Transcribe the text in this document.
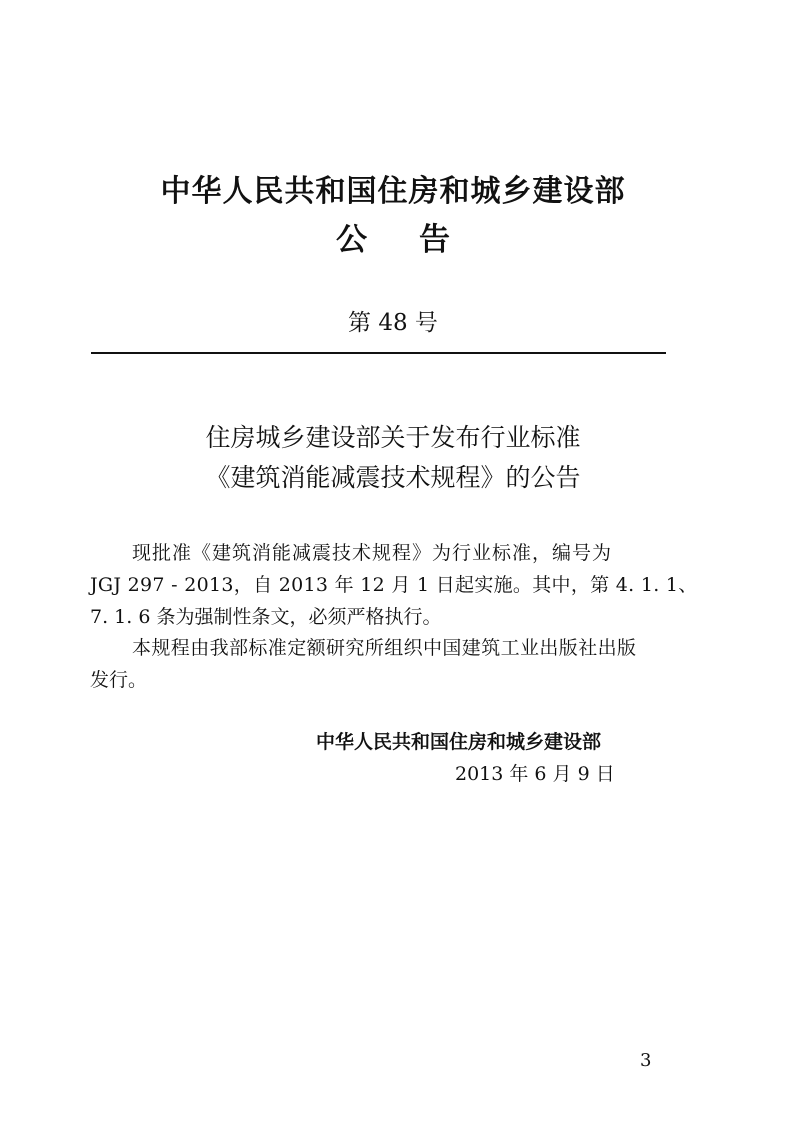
中华人民共和国住房和城乡建设部
公告
第 48 号
住房城乡建设部关于发布行业标准
《建筑消能减震技术规程》的公告
现批准《建筑消能减震技术规程》为行业标准，编号为
JGJ 297 - 2013，自 2013 年 12 月 1 日起实施。其中，第 4. 1. 1、
7. 1. 6 条为强制性条文，必须严格执行。
本规程由我部标准定额研究所组织中国建筑工业出版社出版
发行。
中华人民共和国住房和城乡建设部
2013 年 6 月 9 日
3
